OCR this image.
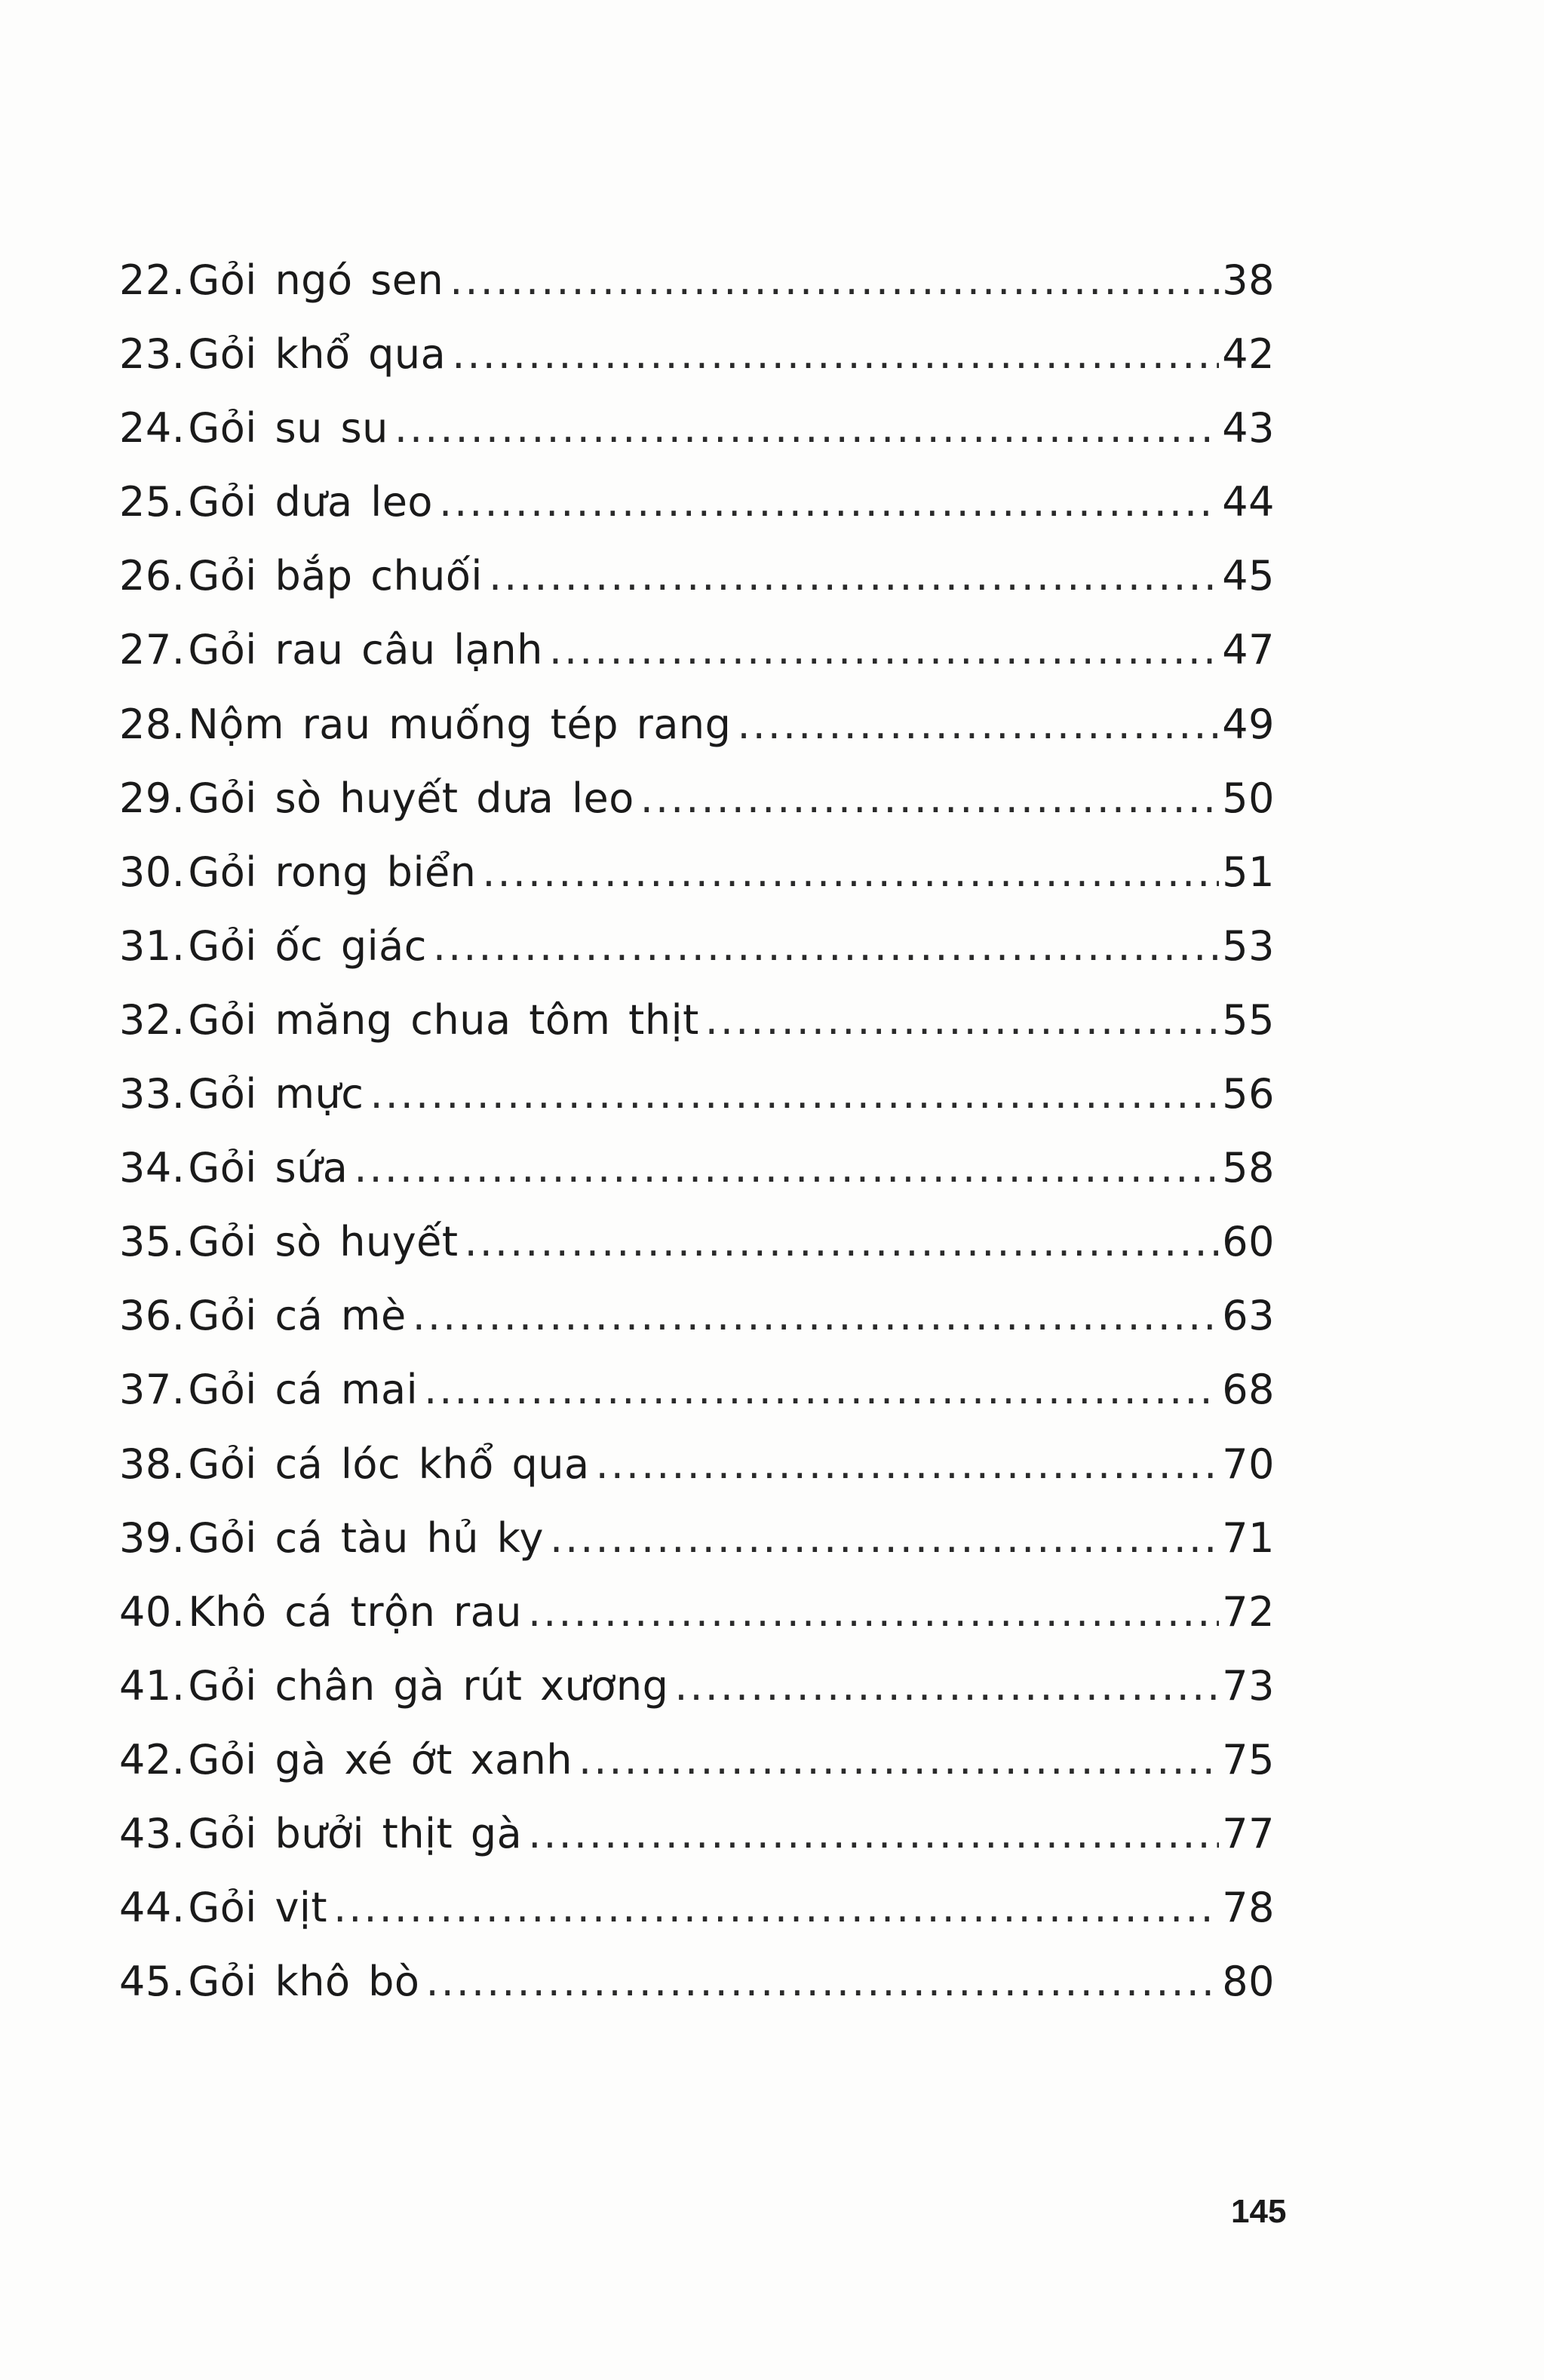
22. Gỏi ngó sen .....	38
23. Gỏi khổ qua .....	42
24. Gỏi su su .....	43
25. Gỏi dưa leo .....	44
26. Gỏi bắp chuối .....	45
27. Gỏi rau câu lạnh .....	47
28. Nộm rau muống tép rang .....	49
29. Gỏi sò huyết dưa leo .....	50
30. Gỏi rong biển .....	51
31. Gỏi ốc giác .....	53
32. Gỏi măng chua tôm thịt .....	55
33. Gỏi mực .....	56
34. Gỏi sứa .....	58
35. Gỏi sò huyết .....	60
36. Gỏi cá mè .....	63
37. Gỏi cá mai .....	68
38. Gỏi cá lóc khổ qua .....	70
39. Gỏi cá tàu hủ ky .....	71
40. Khô cá trộn rau .....	72
41. Gỏi chân gà rút xương .....	73
42. Gỏi gà xé ớt xanh .....	75
43. Gỏi bưởi thịt gà .....	77
44. Gỏi vịt .....	78
45. Gỏi khô bò .....	80
145
